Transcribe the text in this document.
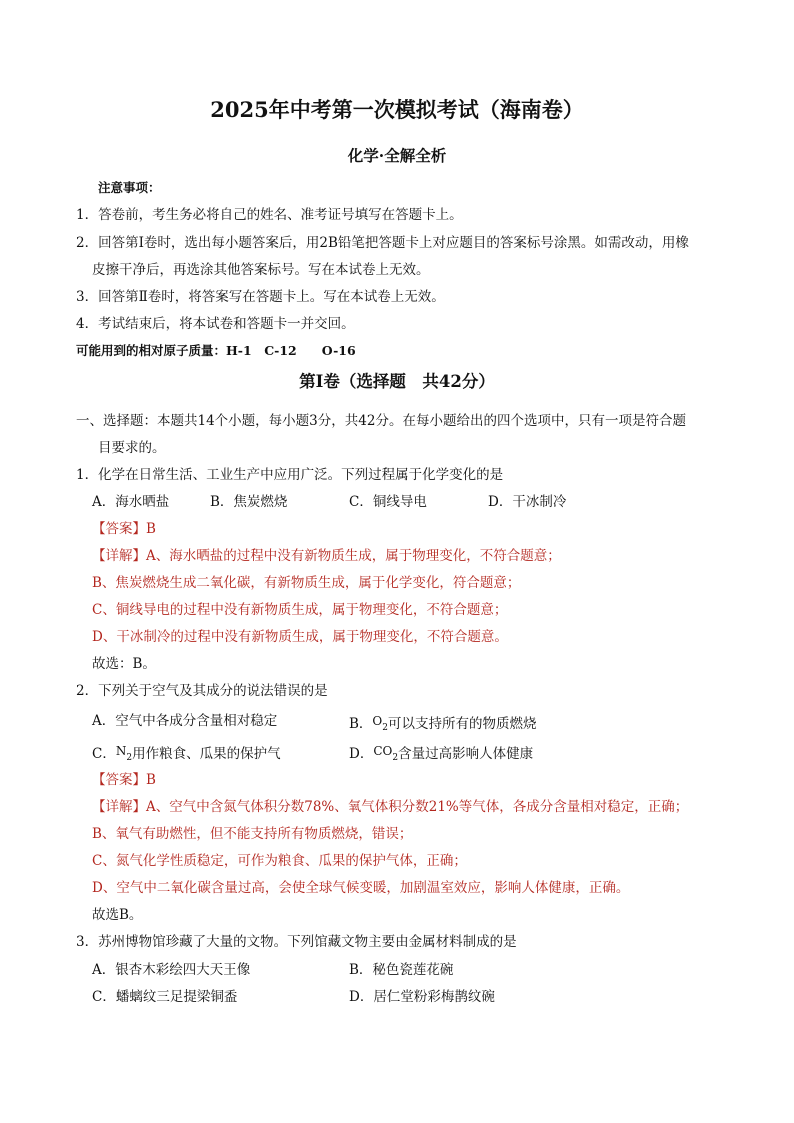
2025年中考第一次模拟考试（海南卷）
化学·全解全析
注意事项：
1．答卷前，考生务必将自己的姓名、准考证号填写在答题卡上。
2．回答第Ⅰ卷时，选出每小题答案后，用2B铅笔把答题卡上对应题目的答案标号涂黑。如需改动，用橡
皮擦干净后，再选涂其他答案标号。写在本试卷上无效。
3．回答第Ⅱ卷时，将答案写在答题卡上。写在本试卷上无效。
4．考试结束后，将本试卷和答题卡一并交回。
可能用到的相对原子质量：H-1　C-12　　O-16
第Ⅰ卷（选择题　共42分）
一、选择题：本题共14个小题，每小题3分，共42分。在每小题给出的四个选项中，只有一项是符合题
目要求的。
1．化学在日常生活、工业生产中应用广泛。下列过程属于化学变化的是
A．海水晒盐	B．焦炭燃烧	C．铜线导电	D．干冰制冷
【答案】B
【详解】A、海水晒盐的过程中没有新物质生成，属于物理变化，不符合题意；
B、焦炭燃烧生成二氧化碳，有新物质生成，属于化学变化，符合题意；
C、铜线导电的过程中没有新物质生成，属于物理变化，不符合题意；
D、干冰制冷的过程中没有新物质生成，属于物理变化，不符合题意。
故选：B。
2．下列关于空气及其成分的说法错误的是
A．空气中各成分含量相对稳定	B．$O_2$可以支持所有的物质燃烧
C．$N_2$用作粮食、瓜果的保护气	D．$CO_2$含量过高影响人体健康
【答案】B
【详解】A、空气中含氮气体积分数78%、氧气体积分数21%等气体，各成分含量相对稳定，正确；
B、氧气有助燃性，但不能支持所有物质燃烧，错误；
C、氮气化学性质稳定，可作为粮食、瓜果的保护气体，正确；
D、空气中二氧化碳含量过高，会使全球气候变暖，加剧温室效应，影响人体健康，正确。
故选B。
3．苏州博物馆珍藏了大量的文物。下列馆藏文物主要由金属材料制成的是
A．银杏木彩绘四大天王像	B．秘色瓷莲花碗
C．蟠螭纹三足提梁铜盉	D．居仁堂粉彩梅鹊纹碗
